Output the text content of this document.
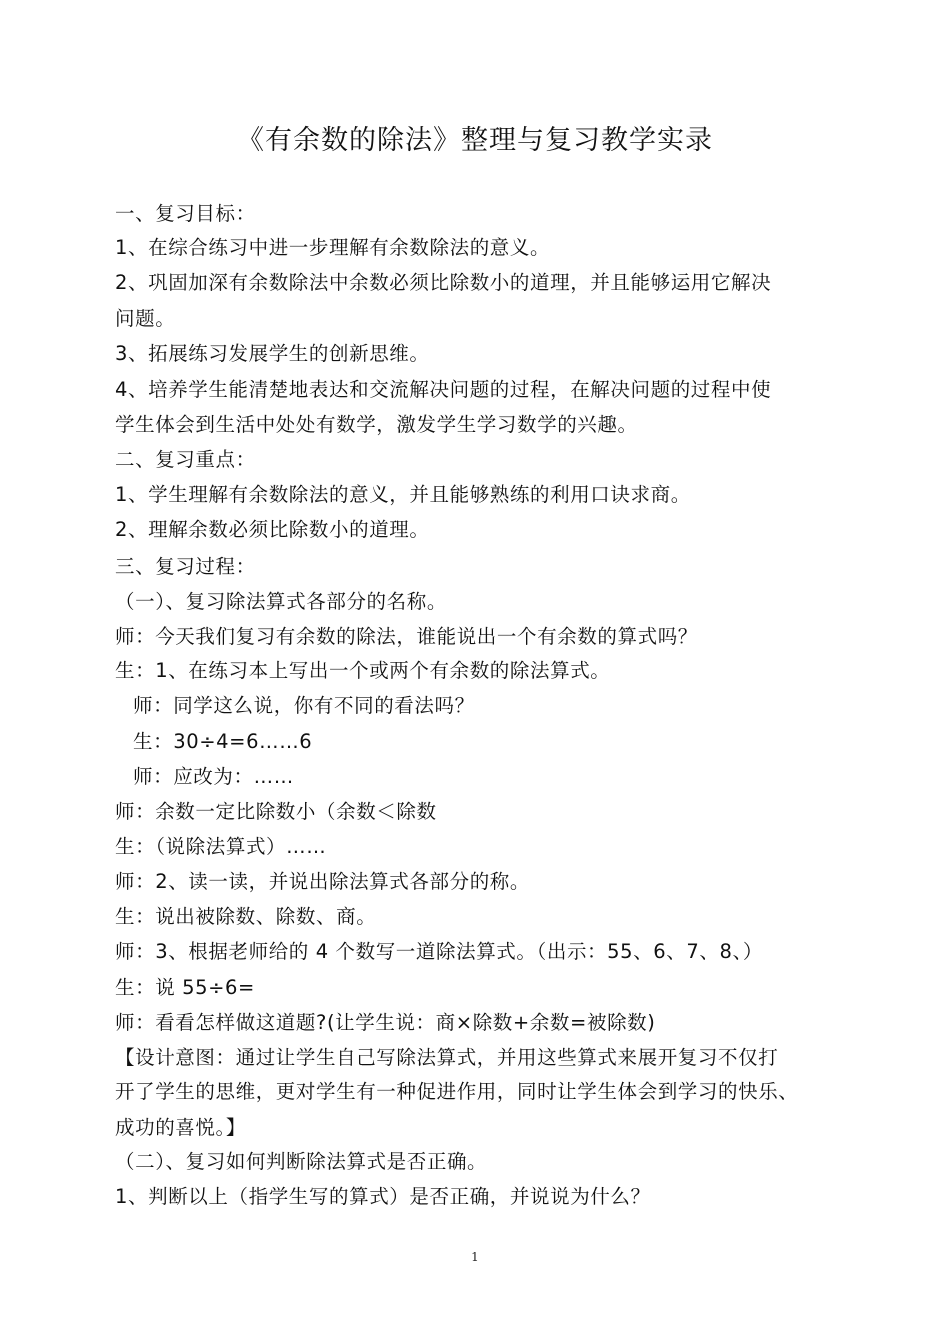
《有余数的除法》整理与复习教学实录
一、复习目标：
1、在综合练习中进一步理解有余数除法的意义。
2、巩固加深有余数除法中余数必须比除数小的道理，并且能够运用它解决
问题。
3、拓展练习发展学生的创新思维。
4、培养学生能清楚地表达和交流解决问题的过程，在解决问题的过程中使
学生体会到生活中处处有数学，激发学生学习数学的兴趣。
二、复习重点：
1、学生理解有余数除法的意义，并且能够熟练的利用口诀求商。
2、理解余数必须比除数小的道理。
三、复习过程：
（一）、复习除法算式各部分的名称。
师：今天我们复习有余数的除法，谁能说出一个有余数的算式吗？
生：1、在练习本上写出一个或两个有余数的除法算式。
师：同学这么说，你有不同的看法吗？
生：30÷4=6……6
师：应改为：……
师：余数一定比除数小（余数＜除数
生：（说除法算式）……
师：2、读一读，并说出除法算式各部分的称。
生：说出被除数、除数、商。
师：3、根据老师给的 4 个数写一道除法算式。（出示：55、6、7、8、）
生：说 55÷6=
师：看看怎样做这道题?(让学生说：商×除数+余数=被除数)
【设计意图：通过让学生自己写除法算式，并用这些算式来展开复习不仅打
开了学生的思维，更对学生有一种促进作用，同时让学生体会到学习的快乐、
成功的喜悦。】
（二）、复习如何判断除法算式是否正确。
1、判断以上（指学生写的算式）是否正确，并说说为什么？
1
